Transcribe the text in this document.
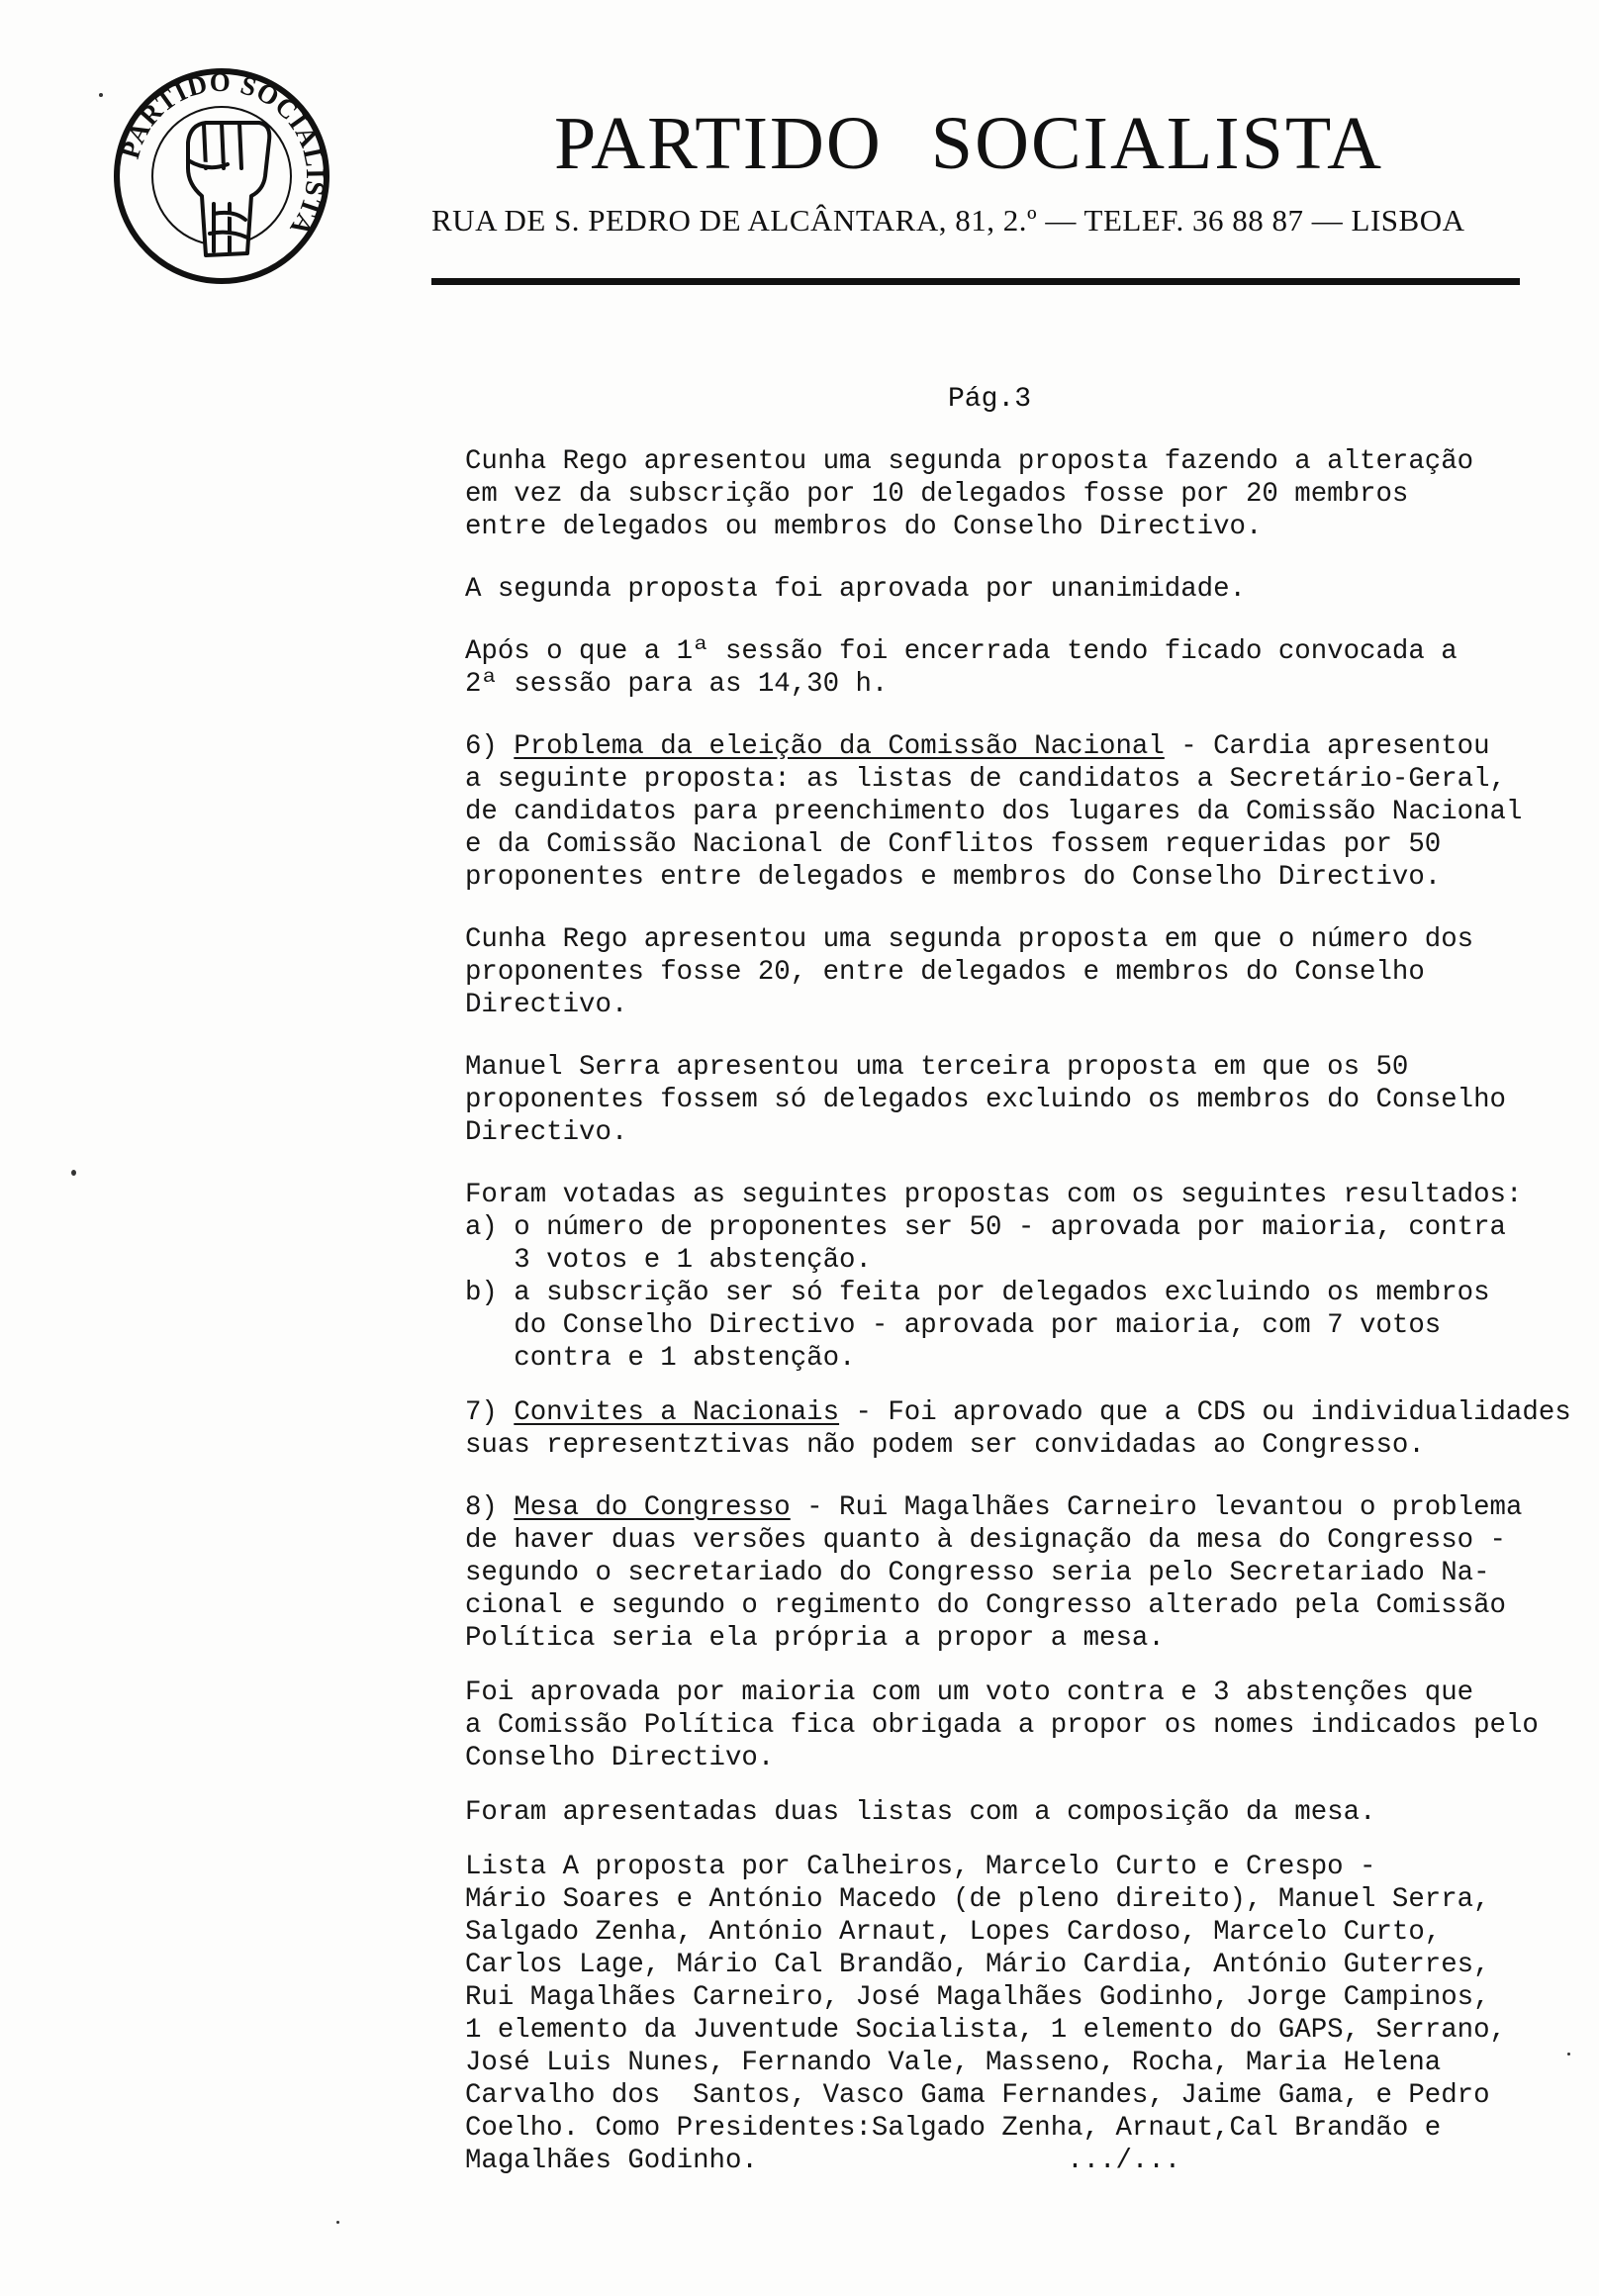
PARTIDO SOCIALISTA
PARTIDO SOCIALISTA

RUA DE S. PEDRO DE ALCÂNTARA, 81, 2.º — TELEF. 36 88 87 — LISBOA

Pág.3

Cunha Rego apresentou uma segunda proposta fazendo a alteração
em vez da subscrição por 10 delegados fosse por 20 membros
entre delegados ou membros do Conselho Directivo.

A segunda proposta foi aprovada por unanimidade.

Após o que a 1ª sessão foi encerrada tendo ficado convocada a
2ª sessão para as 14,30 h.

6) Problema da eleição da Comissão Nacional - Cardia apresentou
a seguinte proposta: as listas de candidatos a Secretário-Geral,
de candidatos para preenchimento dos lugares da Comissão Nacional
e da Comissão Nacional de Conflitos fossem requeridas por 50
proponentes entre delegados e membros do Conselho Directivo.

Cunha Rego apresentou uma segunda proposta em que o número dos
proponentes fosse 20, entre delegados e membros do Conselho
Directivo.

Manuel Serra apresentou uma terceira proposta em que os 50
proponentes fossem só delegados excluindo os membros do Conselho
Directivo.

Foram votadas as seguintes propostas com os seguintes resultados:
a) o número de proponentes ser 50 - aprovada por maioria, contra
3 votos e 1 abstenção.
b) a subscrição ser só feita por delegados excluindo os membros
do Conselho Directivo - aprovada por maioria, com 7 votos
contra e 1 abstenção.

7) Convites a Nacionais - Foi aprovado que a CDS ou individualidades
suas representztivas não podem ser convidadas ao Congresso.

8) Mesa do Congresso - Rui Magalhães Carneiro levantou o problema
de haver duas versões quanto à designação da mesa do Congresso -
segundo o secretariado do Congresso seria pelo Secretariado Na-
cional e segundo o regimento do Congresso alterado pela Comissão
Política seria ela própria a propor a mesa.

Foi aprovada por maioria com um voto contra e 3 abstenções que
a Comissão Política fica obrigada a propor os nomes indicados pelo
Conselho Directivo.

Foram apresentadas duas listas com a composição da mesa.

Lista A proposta por Calheiros, Marcelo Curto e Crespo -
Mário Soares e António Macedo (de pleno direito), Manuel Serra,
Salgado Zenha, António Arnaut, Lopes Cardoso, Marcelo Curto,
Carlos Lage, Mário Cal Brandão, Mário Cardia, António Guterres,
Rui Magalhães Carneiro, José Magalhães Godinho, Jorge Campinos,
1 elemento da Juventude Socialista, 1 elemento do GAPS, Serrano,
José Luis Nunes, Fernando Vale, Masseno, Rocha, Maria Helena
Carvalho dos  Santos, Vasco Gama Fernandes, Jaime Gama, e Pedro
Coelho. Como Presidentes:Salgado Zenha, Arnaut,Cal Brandão e
Magalhães Godinho.	.../...
